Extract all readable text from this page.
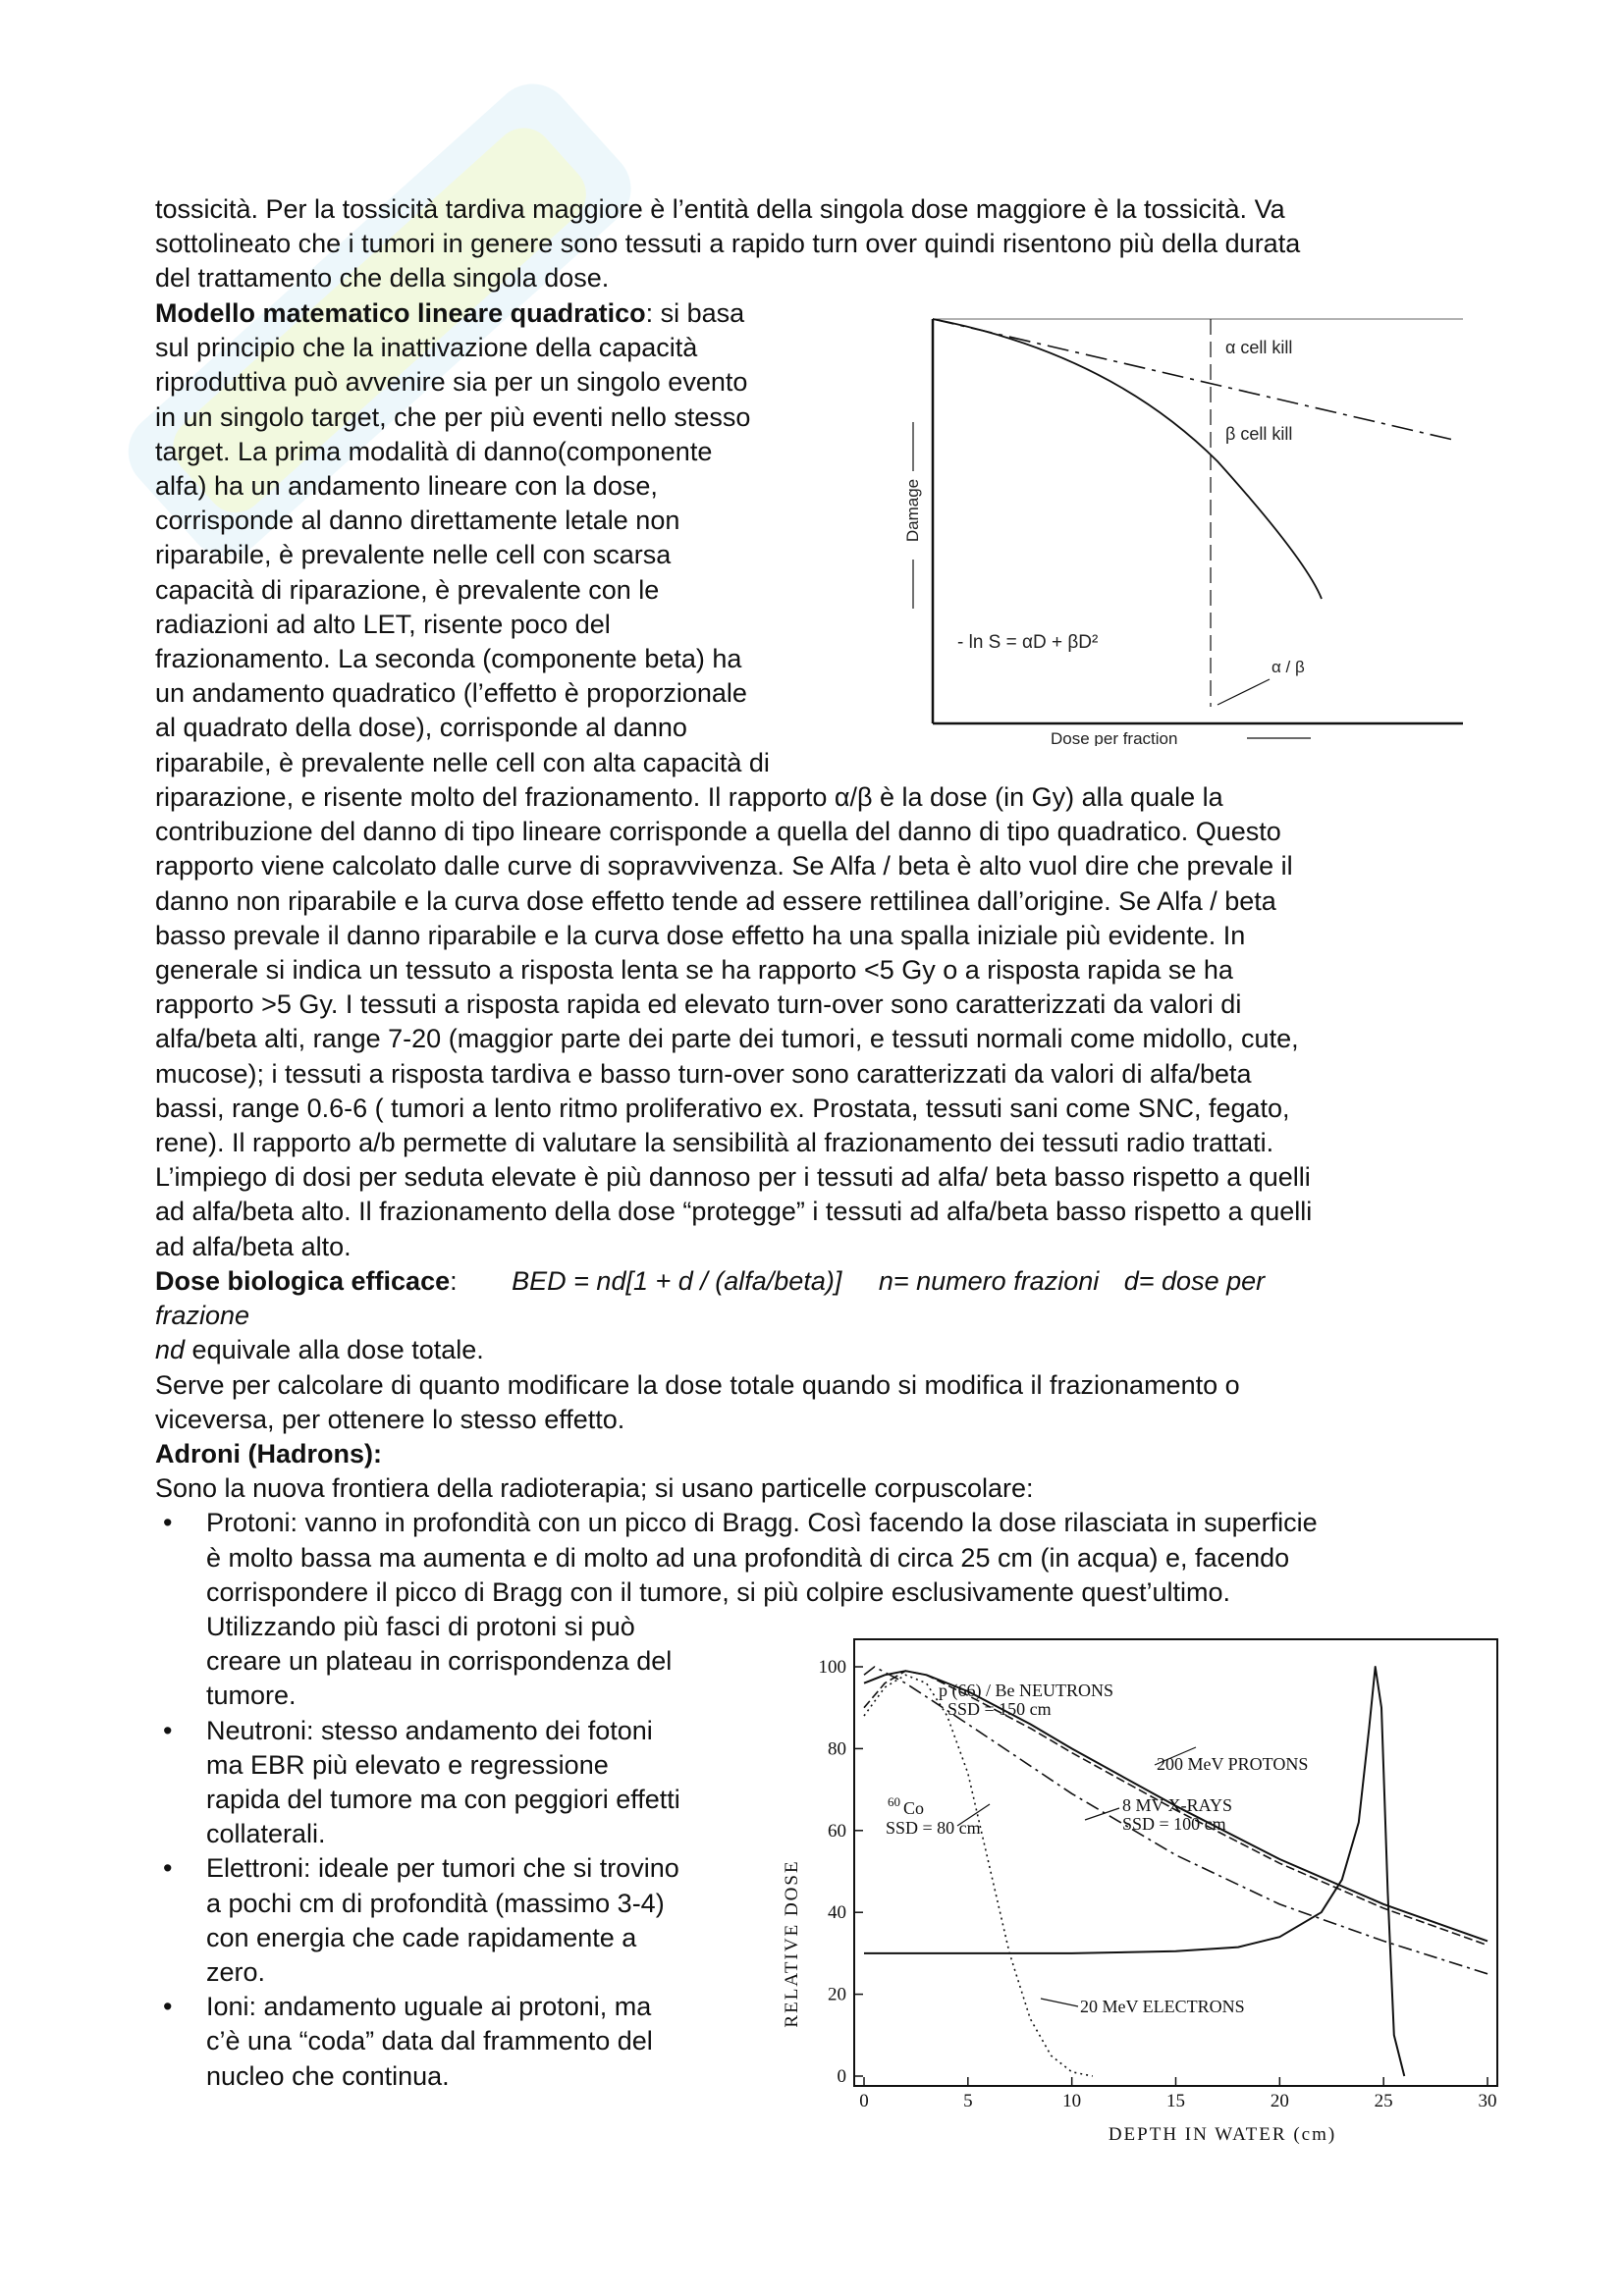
tossicità. Per la tossicità tardiva maggiore è l’entità della singola dose maggiore è la tossicità. Va

sottolineato che i tumori in genere sono tessuti a rapido turn over quindi risentono più della durata

del trattamento che della singola dose.

Modello matematico lineare quadratico: si basa

sul principio che la inattivazione della capacità

riproduttiva può avvenire sia per un singolo evento

in un singolo target, che per più eventi nello stesso

target. La prima modalità di danno(componente

alfa) ha un andamento lineare con la dose,

corrisponde al danno direttamente letale non

riparabile, è prevalente nelle cell con scarsa

capacità di riparazione, è prevalente con le

radiazioni ad alto LET, risente poco del

frazionamento. La seconda (componente beta) ha

un andamento quadratico (l’effetto è proporzionale

al quadrato della dose), corrisponde al danno

riparabile, è prevalente nelle cell con alta capacità di

α cell kill
β cell kill
Damage
- ln S = αD + βD²
α / β
Dose per fraction

riparazione, e risente molto del frazionamento. Il rapporto α/β è la dose (in Gy) alla quale la

contribuzione del danno di tipo lineare corrisponde a quella del danno di tipo quadratico. Questo

rapporto viene calcolato dalle curve di sopravvivenza. Se Alfa / beta è alto vuol dire che prevale il

danno non riparabile e la curva dose effetto tende ad essere rettilinea dall’origine. Se Alfa / beta

basso prevale il danno riparabile e la curva dose effetto ha una spalla iniziale più evidente. In

generale si indica un tessuto a risposta lenta se ha rapporto <5 Gy o a risposta rapida se ha

rapporto >5 Gy. I tessuti a risposta rapida ed elevato turn-over sono caratterizzati da valori di

alfa/beta alti, range 7-20 (maggior parte dei parte dei tumori, e tessuti normali come midollo, cute,

mucose); i tessuti a risposta tardiva e basso turn-over sono caratterizzati da valori di alfa/beta

bassi, range 0.6-6 ( tumori a lento ritmo proliferativo ex. Prostata, tessuti sani come SNC, fegato,

rene). Il rapporto a/b permette di valutare la sensibilità al frazionamento dei tessuti radio trattati.

L’impiego di dosi per seduta elevate è più dannoso per i tessuti ad alfa/ beta basso rispetto a quelli

ad alfa/beta alto. Il frazionamento della dose “protegge” i tessuti ad alfa/beta basso rispetto a quelli

ad alfa/beta alto.

Dose biologica efficace: BED = nd[1 + d / (alfa/beta)] n= numero frazioni d= dose per

frazione

nd equivale alla dose totale.

Serve per calcolare di quanto modificare la dose totale quando si modifica il frazionamento o

viceversa, per ottenere lo stesso effetto.

Adroni (Hadrons):

Sono la nuova frontiera della radioterapia; si usano particelle corpuscolare:

• Protoni: vanno in profondità con un picco di Bragg. Così facendo la dose rilasciata in superficie

è molto bassa ma aumenta e di molto ad una profondità di circa 25 cm (in acqua) e, facendo

corrispondere il picco di Bragg con il tumore, si più colpire esclusivamente quest’ultimo.

Utilizzando più fasci di protoni si può

creare un plateau in corrispondenza del

tumore.

• Neutroni: stesso andamento dei fotoni

ma EBR più elevato e regressione

rapida del tumore ma con peggiori effetti

collaterali.

• Elettroni: ideale per tumori che si trovino

a pochi cm di profondità (massimo 3-4)

con energia che cade rapidamente a

zero.

• Ioni: andamento uguale ai protoni, ma

c’è una “coda” data dal frammento del

nucleo che continua.

0	5	10	15	20	25	30
0
20
40
60
80
100
RELATIVE DOSE
DEPTH IN WATER (cm)
p (66) / Be NEUTRONS
SSD = 150 cm
200 MeV PROTONS
8 MV X-RAYS
SSD = 100 cm
60 Co
SSD = 80 cm
20 MeV ELECTRONS
